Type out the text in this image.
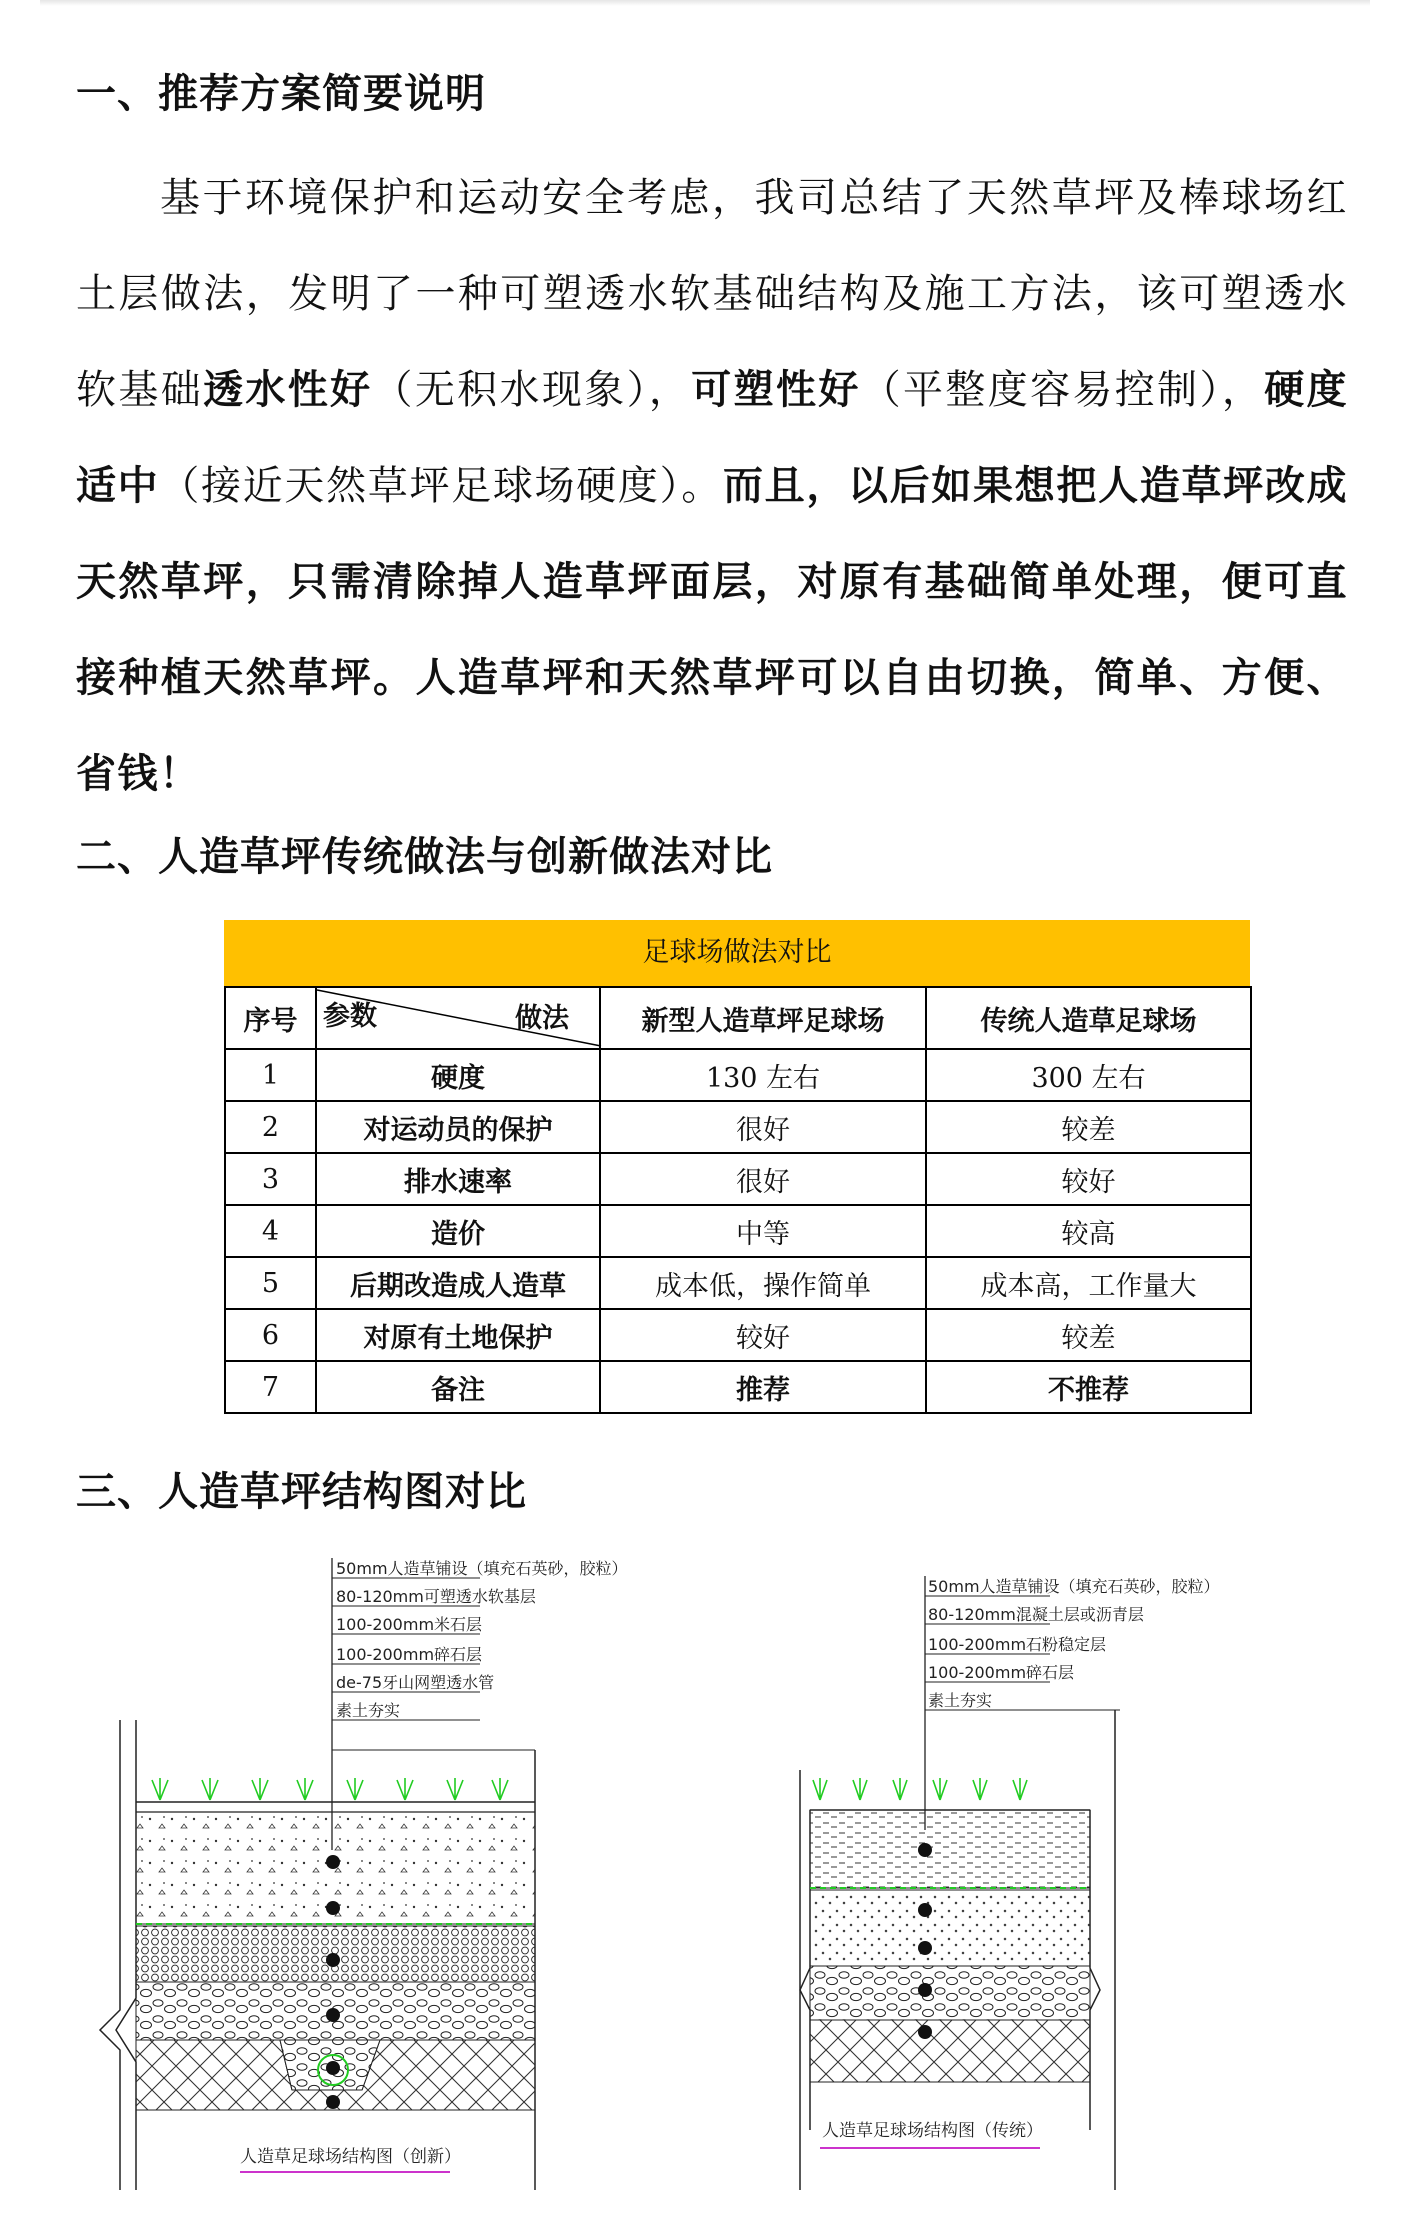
一、推荐方案简要说明
基于环境保护和运动安全考虑，我司总结了天然草坪及棒球场红土层做法，发明了一种可塑透水软基础结构及施工方法，该可塑透水软基础透水性好（无积水现象），可塑性好（平整度容易控制），硬度适中（接近天然草坪足球场硬度）。而且，以后如果想把人造草坪改成天然草坪，只需清除掉人造草坪面层，对原有基础简单处理，便可直接种植天然草坪。人造草坪和天然草坪可以自由切换，简单、方便、省钱！
二、人造草坪传统做法与创新做法对比
足球场做法对比
序号	参数 做法	新型人造草坪足球场	传统人造草足球场
1	硬度	130 左右	300 左右
2	对运动员的保护	很好	较差
3	排水速率	很好	较好
4	造价	中等	较高
5	后期改造成人造草	成本低，操作简单	成本高，工作量大
6	对原有土地保护	较好	较差
7	备注	推荐	不推荐
三、人造草坪结构图对比
50mm人造草铺设（填充石英砂，胶粒）
80-120mm可塑透水软基层
100-200mm米石层
100-200mm碎石层
de-75牙山网塑透水管
素土夯实
人造草足球场结构图（创新）
50mm人造草铺设（填充石英砂，胶粒）
80-120mm混凝土层或沥青层
100-200mm石粉稳定层
100-200mm碎石层
素土夯实
人造草足球场结构图（传统）
